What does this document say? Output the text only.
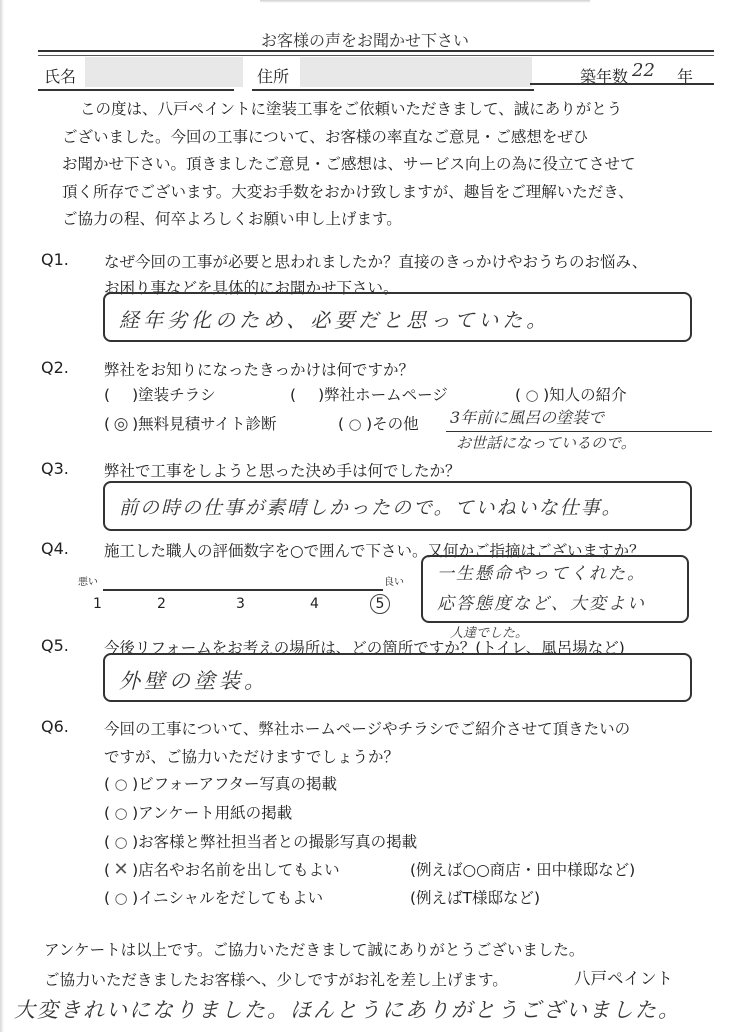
お客様の声をお聞かせ下さい
氏名	住所	築年数 22 年

この度は、八戸ペイントに塗装工事をご依頼いただきまして、誠にありがとう

ございました。今回の工事について、お客様の率直なご意見・ご感想をぜひ

お聞かせ下さい。頂きましたご意見・ご感想は、サービス向上の為に役立てさせて

頂く所存でございます。大変お手数をおかけ致しますが、趣旨をご理解いただき、

ご協力の程、何卒よろしくお願い申し上げます。

Q1. なぜ今回の工事が必要と思われましたか？直接のきっかけやおうちのお悩み、
お困り事などを具体的にお聞かせ下さい。
経年劣化のため、必要だと思っていた。
Q2. 弊社をお知りになったきっかけは何ですか？
( )塗装チラシ	( )弊社ホームページ	( ○ )知人の紹介
( ◎ )無料見積サイト診断	( ○ )その他 3年前に風呂の塗装で
お世話になっているので。
Q3. 弊社で工事をしようと思った決め手は何でしたか？
前の時の仕事が素晴しかったので。ていねいな仕事。
Q4. 施工した職人の評価数字を○で囲んで下さい。又何かご指摘はございますか？
悪い	良い
1	2	3	4	5
一生懸命やってくれた。
応答態度など、大変よい
人達でした。
Q5. 今後リフォームをお考えの場所は、どの箇所ですか？(トイレ、風呂場など)
外壁の塗装。
Q6. 今回の工事について、弊社ホームページやチラシでご紹介させて頂きたいの
ですが、ご協力いただけますでしょうか？
( ○ )ビフォーアフター写真の掲載
( ○ )アンケート用紙の掲載
( ○ )お客様と弊社担当者との撮影写真の掲載
( ✕ )店名やお名前を出してもよい	(例えば○○商店・田中様邸など)
( ○ )イニシャルをだしてもよい	(例えばT様邸など)
アンケートは以上です。ご協力いただきまして誠にありがとうございました。
ご協力いただきましたお客様へ、少しですがお礼を差し上げます。	八戸ペイント
大変きれいになりました。ほんとうにありがとうございました。
